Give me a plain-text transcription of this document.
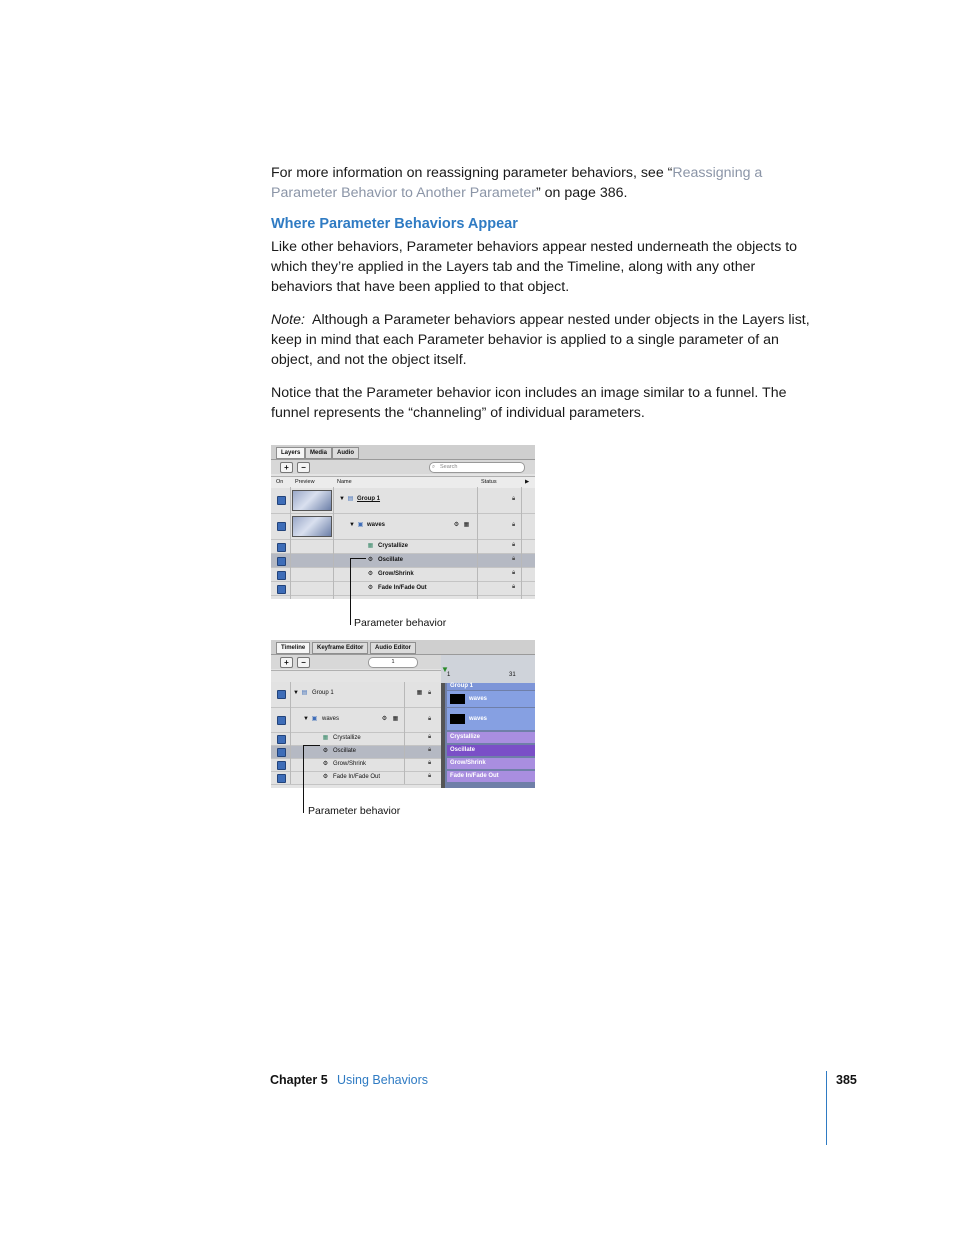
For more information on reassigning parameter behaviors, see “Reassigning a Parameter Behavior to Another Parameter” on page 386.
Where Parameter Behaviors Appear
Like other behaviors, Parameter behaviors appear nested underneath the objects to which they’re applied in the Layers tab and the Timeline, along with any other behaviors that have been applied to that object.
Note: Although a Parameter behaviors appear nested under objects in the Layers list, keep in mind that each Parameter behavior is applied to a single parameter of an object, and not the object itself.
Notice that the Parameter behavior icon includes an image similar to a funnel. The funnel represents the “channeling” of individual parameters.
Layers	Media	Audio
+	−	⌕ Search
On Preview	Name	Status	▶
▼ ▤ Group 1	🔒︎
▼ ▣ waves	⚙ ▦	🔒︎
▦ Crystallize	🔒︎
⚙ Oscillate	🔒︎
⚙ Grow/Shrink	🔒︎
⚙ Fade In/Fade Out	🔒︎
Parameter behavior
Timeline	Keyframe Editor	Audio Editor
+	−	1
1	31
▼
▼ ▤ Group 1	▦ 🔒︎
▼ ▣ waves	⚙ ▦	🔒︎
▦ Crystallize	🔒︎
⚙ Oscillate	🔒︎
⚙ Grow/Shrink	🔒︎
⚙ Fade In/Fade Out	🔒︎
Group 1
waves
waves
Crystallize
Oscillate
Grow/Shrink
Fade In/Fade Out
Parameter behavior
Chapter 5 Using Behaviors	385
